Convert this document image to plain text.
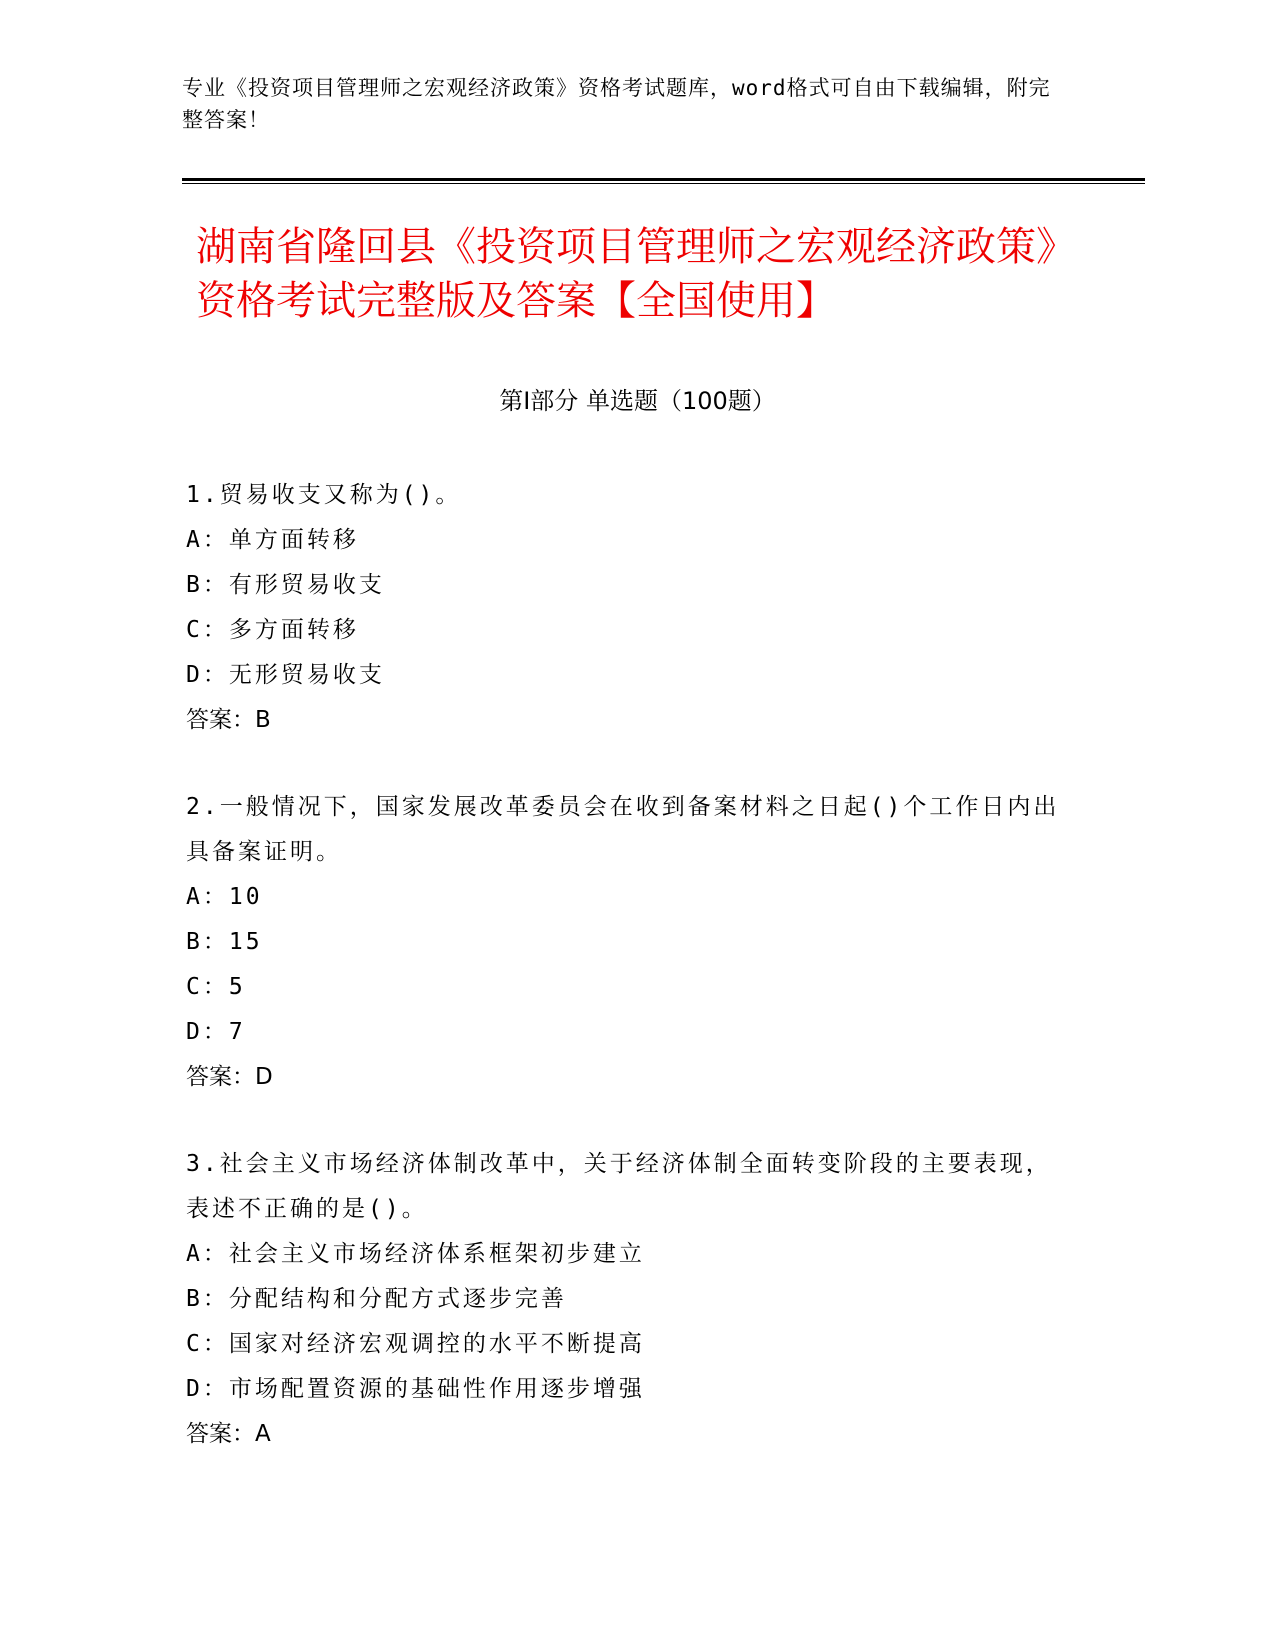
专业《投资项目管理师之宏观经济政策》资格考试题库，word格式可自由下载编辑，附完整答案！
湖南省隆回县《投资项目管理师之宏观经济政策》资格考试完整版及答案【全国使用】
第Ⅰ部分 单选题（100题）

1.贸易收支又称为()。

A：单方面转移

B：有形贸易收支

C：多方面转移

D：无形贸易收支

答案：B

2.一般情况下，国家发展改革委员会在收到备案材料之日起()个工作日内出具备案证明。

A：10

B：15

C：5

D：7

答案：D

3.社会主义市场经济体制改革中，关于经济体制全面转变阶段的主要表现，表述不正确的是()。

A：社会主义市场经济体系框架初步建立

B：分配结构和分配方式逐步完善

C：国家对经济宏观调控的水平不断提高

D：市场配置资源的基础性作用逐步增强

答案：A
